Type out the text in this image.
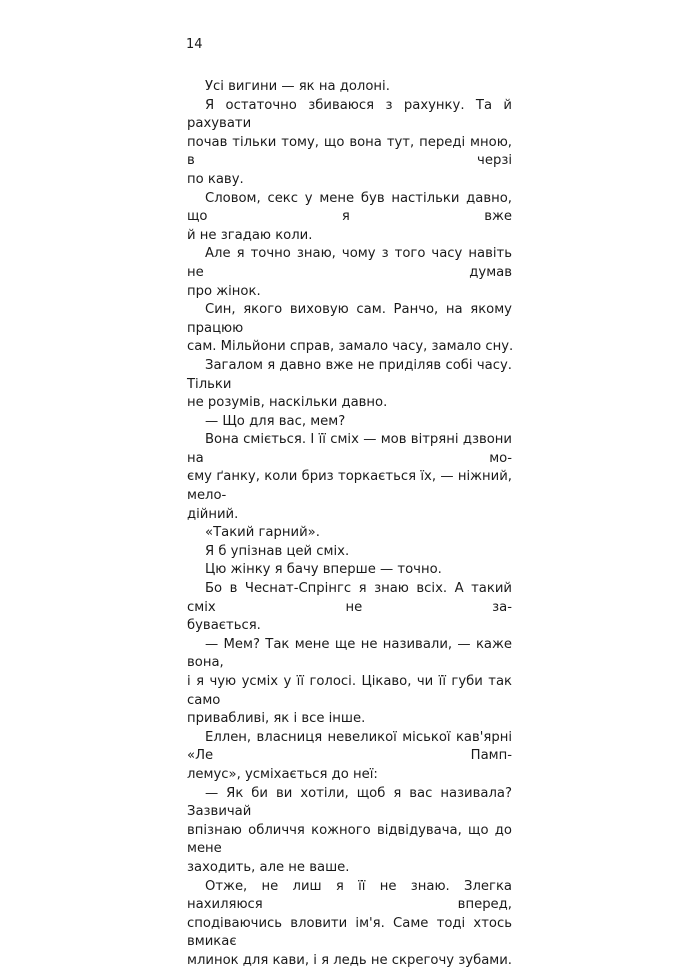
14
Усі вигини — як на долоні.
Я остаточно збиваюся з рахунку. Та й рахувати
почав тільки тому, що вона тут, переді мною, в черзі
по каву.
Словом, секс у мене був настільки давно, що я вже
й не згадаю коли.
Але я точно знаю, чому з того часу навіть не думав
про жінок.
Син, якого виховую сам. Ранчо, на якому працюю
сам. Мільйони справ, замало часу, замало сну.
Загалом я давно вже не приділяв собі часу. Тільки
не розумів, наскільки давно.
— Що для вас, мем?
Вона сміється. І її сміх — мов вітряні дзвони на мо-
єму ґанку, коли бриз торкається їх, — ніжний, мело-
дійний.
«Такий гарний».
Я б упізнав цей сміх.
Цю жінку я бачу вперше — точно.
Бо в Чеснат-Спрінгс я знаю всіх. А такий сміх не за-
бувається.
— Мем? Так мене ще не називали, — каже вона,
і я чую усміх у її голосі. Цікаво, чи її губи так само
привабливі, як і все інше.
Еллен, власниця невеликої міської кав'ярні «Ле Памп-
лемус», усміхається до неї:
— Як би ви хотіли, щоб я вас називала? Зазвичай
впізнаю обличчя кожного відвідувача, що до мене
заходить, але не ваше.
Отже, не лиш я її не знаю. Злегка нахиляюся вперед,
сподіваючись вловити ім'я. Саме тоді хтось вмикає
млинок для кави, і я ледь не скрегочу зубами.
